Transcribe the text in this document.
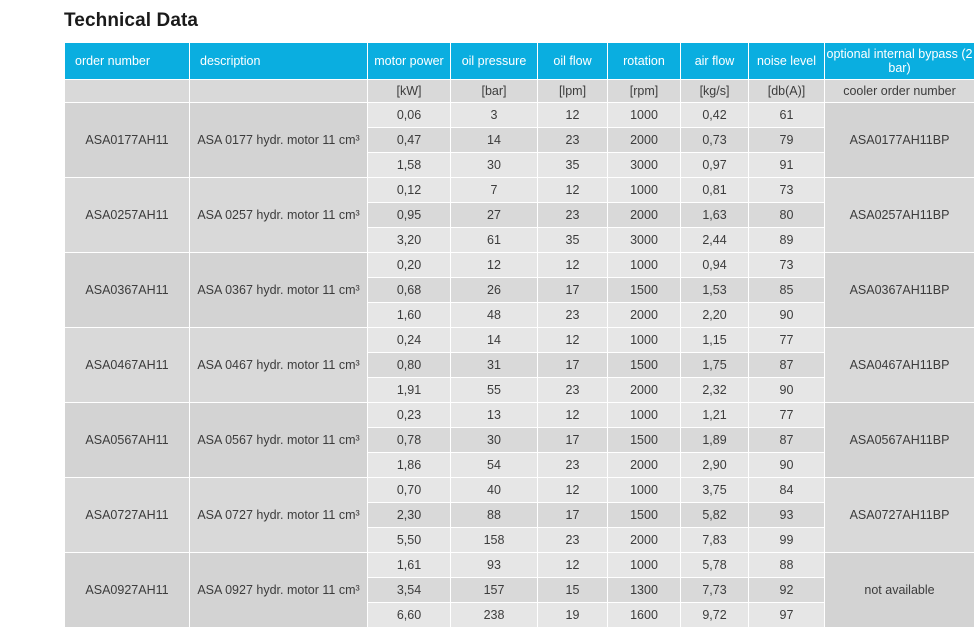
Technical Data
order number	description	motor power	oil pressure	oil flow	rotation	air flow	noise level	optional internal bypass (2 bar)
		[kW]	[bar]	[lpm]	[rpm]	[kg/s]	[db(A)]	cooler order number
ASA0177AH11	ASA 0177 hydr. motor 11 cm³	0,06	3	12	1000	0,42	61	ASA0177AH11BP
		0,47	14	23	2000	0,73	79	
		1,58	30	35	3000	0,97	91	
ASA0257AH11	ASA 0257 hydr. motor 11 cm³	0,12	7	12	1000	0,81	73	ASA0257AH11BP
		0,95	27	23	2000	1,63	80	
		3,20	61	35	3000	2,44	89	
ASA0367AH11	ASA 0367 hydr. motor 11 cm³	0,20	12	12	1000	0,94	73	ASA0367AH11BP
		0,68	26	17	1500	1,53	85	
		1,60	48	23	2000	2,20	90	
ASA0467AH11	ASA 0467 hydr. motor 11 cm³	0,24	14	12	1000	1,15	77	ASA0467AH11BP
		0,80	31	17	1500	1,75	87	
		1,91	55	23	2000	2,32	90	
ASA0567AH11	ASA 0567 hydr. motor 11 cm³	0,23	13	12	1000	1,21	77	ASA0567AH11BP
		0,78	30	17	1500	1,89	87	
		1,86	54	23	2000	2,90	90	
ASA0727AH11	ASA 0727 hydr. motor 11 cm³	0,70	40	12	1000	3,75	84	ASA0727AH11BP
		2,30	88	17	1500	5,82	93	
		5,50	158	23	2000	7,83	99	
ASA0927AH11	ASA 0927 hydr. motor 11 cm³	1,61	93	12	1000	5,78	88	not available
		3,54	157	15	1300	7,73	92	
		6,60	238	19	1600	9,72	97	
